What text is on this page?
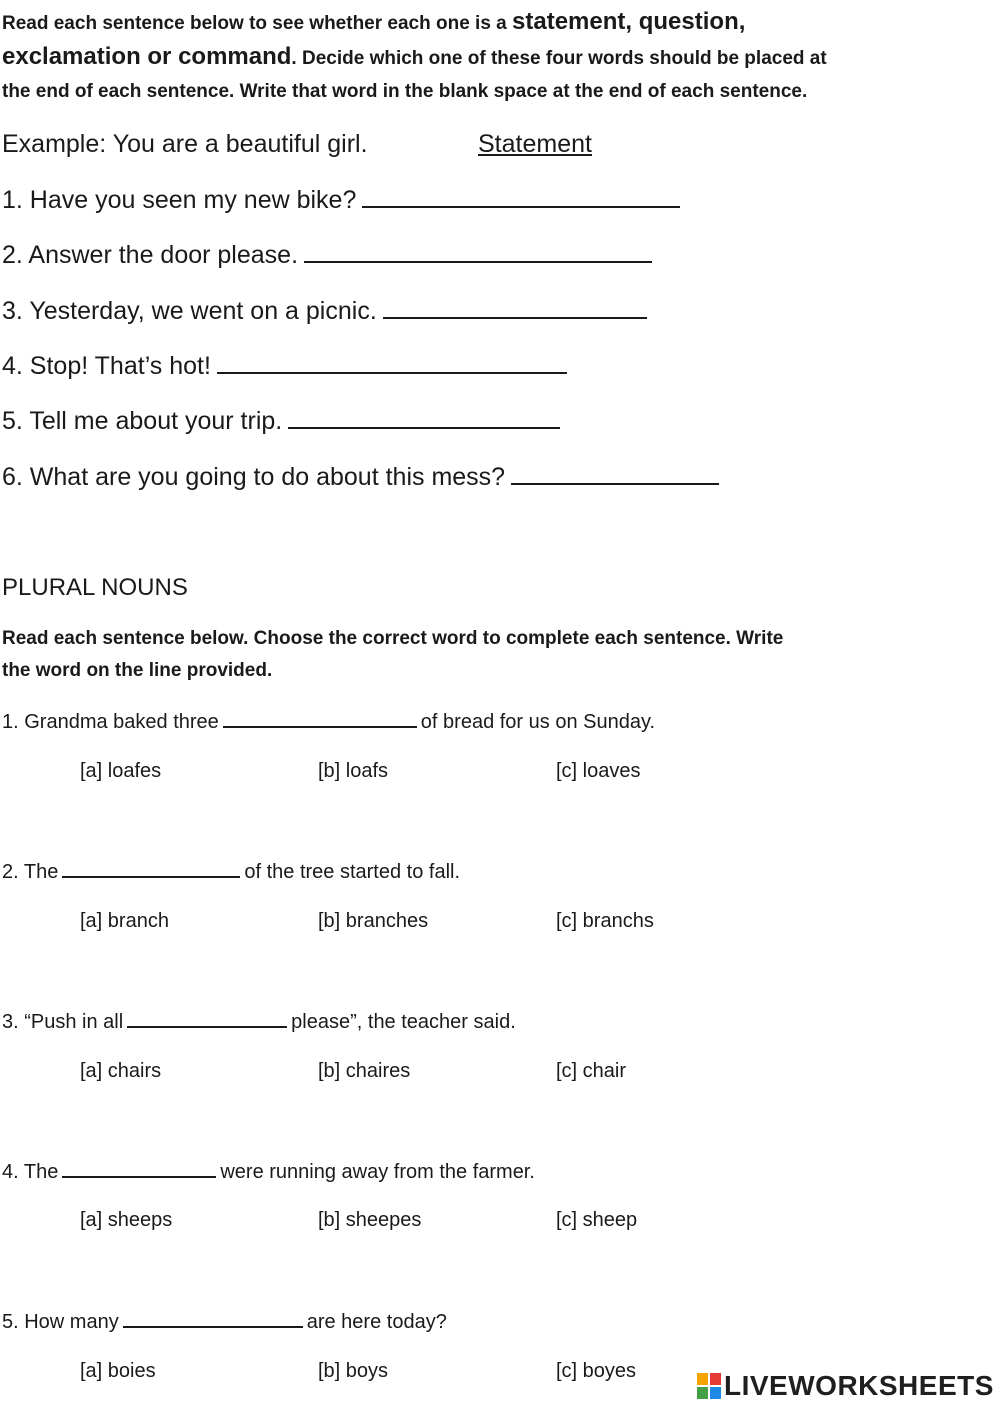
Read each sentence below to see whether each one is a statement, question,
exclamation or command. Decide which one of these four words should be placed at
the end of each sentence. Write that word in the blank space at the end of each sentence.
Example: You are a beautiful girl.	Statement
1. Have you seen my new bike?
2. Answer the door please.
3. Yesterday, we went on a picnic.
4. Stop! That’s hot!
5. Tell me about your trip.
6. What are you going to do about this mess?
PLURAL NOUNS
Read each sentence below. Choose the correct word to complete each sentence. Write
the word on the line provided.
1. Grandma baked three	of bread for us on Sunday.
[a] loafes	[b] loafs	[c] loaves
2. The	of the tree started to fall.
[a] branch	[b] branches	[c] branchs
3. “Push in all	please”, the teacher said.
[a] chairs	[b] chaires	[c] chair
4. The	were running away from the farmer.
[a] sheeps	[b] sheepes	[c] sheep
5. How many	are here today?
[a] boies	[b] boys	[c] boyes	LIVEWORKSHEETS
